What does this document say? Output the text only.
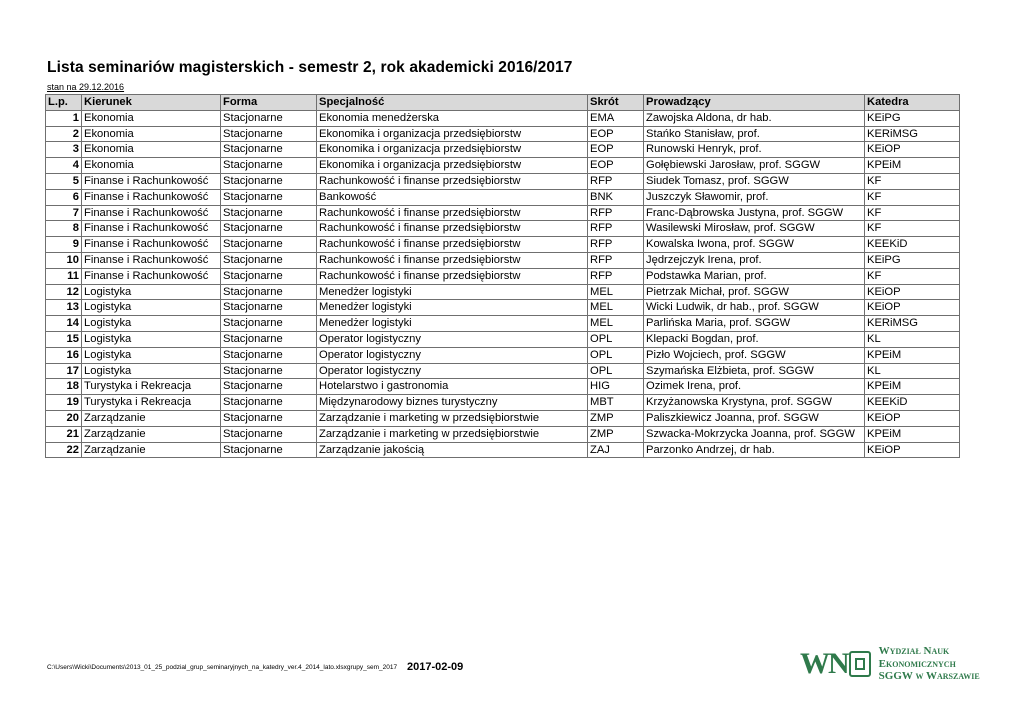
Lista seminariów magisterskich - semestr 2, rok akademicki 2016/2017
stan na 29.12.2016
L.p.	Kierunek	Forma	Specjalność	Skrót	Prowadzący	Katedra
1	Ekonomia	Stacjonarne	Ekonomia menedżerska	EMA	Zawojska Aldona, dr hab.	KEiPG
2	Ekonomia	Stacjonarne	Ekonomika i organizacja przedsiębiorstw	EOP	Stańko Stanisław, prof.	KERiMSG
3	Ekonomia	Stacjonarne	Ekonomika i organizacja przedsiębiorstw	EOP	Runowski Henryk, prof.	KEiOP
4	Ekonomia	Stacjonarne	Ekonomika i organizacja przedsiębiorstw	EOP	Gołębiewski Jarosław, prof. SGGW	KPEiM
5	Finanse i Rachunkowość	Stacjonarne	Rachunkowość i finanse przedsiębiorstw	RFP	Siudek Tomasz, prof. SGGW	KF
6	Finanse i Rachunkowość	Stacjonarne	Bankowość	BNK	Juszczyk Sławomir, prof.	KF
7	Finanse i Rachunkowość	Stacjonarne	Rachunkowość i finanse przedsiębiorstw	RFP	Franc-Dąbrowska Justyna, prof. SGGW	KF
8	Finanse i Rachunkowość	Stacjonarne	Rachunkowość i finanse przedsiębiorstw	RFP	Wasilewski Mirosław, prof. SGGW	KF
9	Finanse i Rachunkowość	Stacjonarne	Rachunkowość i finanse przedsiębiorstw	RFP	Kowalska Iwona, prof. SGGW	KEEKiD
10	Finanse i Rachunkowość	Stacjonarne	Rachunkowość i finanse przedsiębiorstw	RFP	Jędrzejczyk Irena, prof.	KEiPG
11	Finanse i Rachunkowość	Stacjonarne	Rachunkowość i finanse przedsiębiorstw	RFP	Podstawka Marian, prof.	KF
12	Logistyka	Stacjonarne	Menedżer logistyki	MEL	Pietrzak Michał, prof. SGGW	KEiOP
13	Logistyka	Stacjonarne	Menedżer logistyki	MEL	Wicki Ludwik, dr hab., prof. SGGW	KEiOP
14	Logistyka	Stacjonarne	Menedżer logistyki	MEL	Parlińska Maria, prof. SGGW	KERiMSG
15	Logistyka	Stacjonarne	Operator logistyczny	OPL	Klepacki Bogdan, prof.	KL
16	Logistyka	Stacjonarne	Operator logistyczny	OPL	Pizło Wojciech, prof. SGGW	KPEiM
17	Logistyka	Stacjonarne	Operator logistyczny	OPL	Szymańska Elżbieta, prof. SGGW	KL
18	Turystyka i Rekreacja	Stacjonarne	Hotelarstwo i gastronomia	HIG	Ozimek Irena, prof.	KPEiM
19	Turystyka i Rekreacja	Stacjonarne	Międzynarodowy biznes turystyczny	MBT	Krzyżanowska Krystyna, prof. SGGW	KEEKiD
20	Zarządzanie	Stacjonarne	Zarządzanie i marketing w przedsiębiorstwie	ZMP	Paliszkiewicz Joanna, prof. SGGW	KEiOP
21	Zarządzanie	Stacjonarne	Zarządzanie i marketing w przedsiębiorstwie	ZMP	Szwacka-Mokrzycka Joanna, prof. SGGW	KPEiM
22	Zarządzanie	Stacjonarne	Zarządzanie jakością	ZAJ	Parzonko Andrzej, dr hab.	KEiOP
C:\Users\Wicki\Documents\2013_01_25_podzial_grup_seminaryjnych_na_katedry_ver.4_2014_lato.xlsxgrupy_sem_2017 2017-02-09	WN	Wydział Nauk
Ekonomicznych
SGGW w Warszawie
